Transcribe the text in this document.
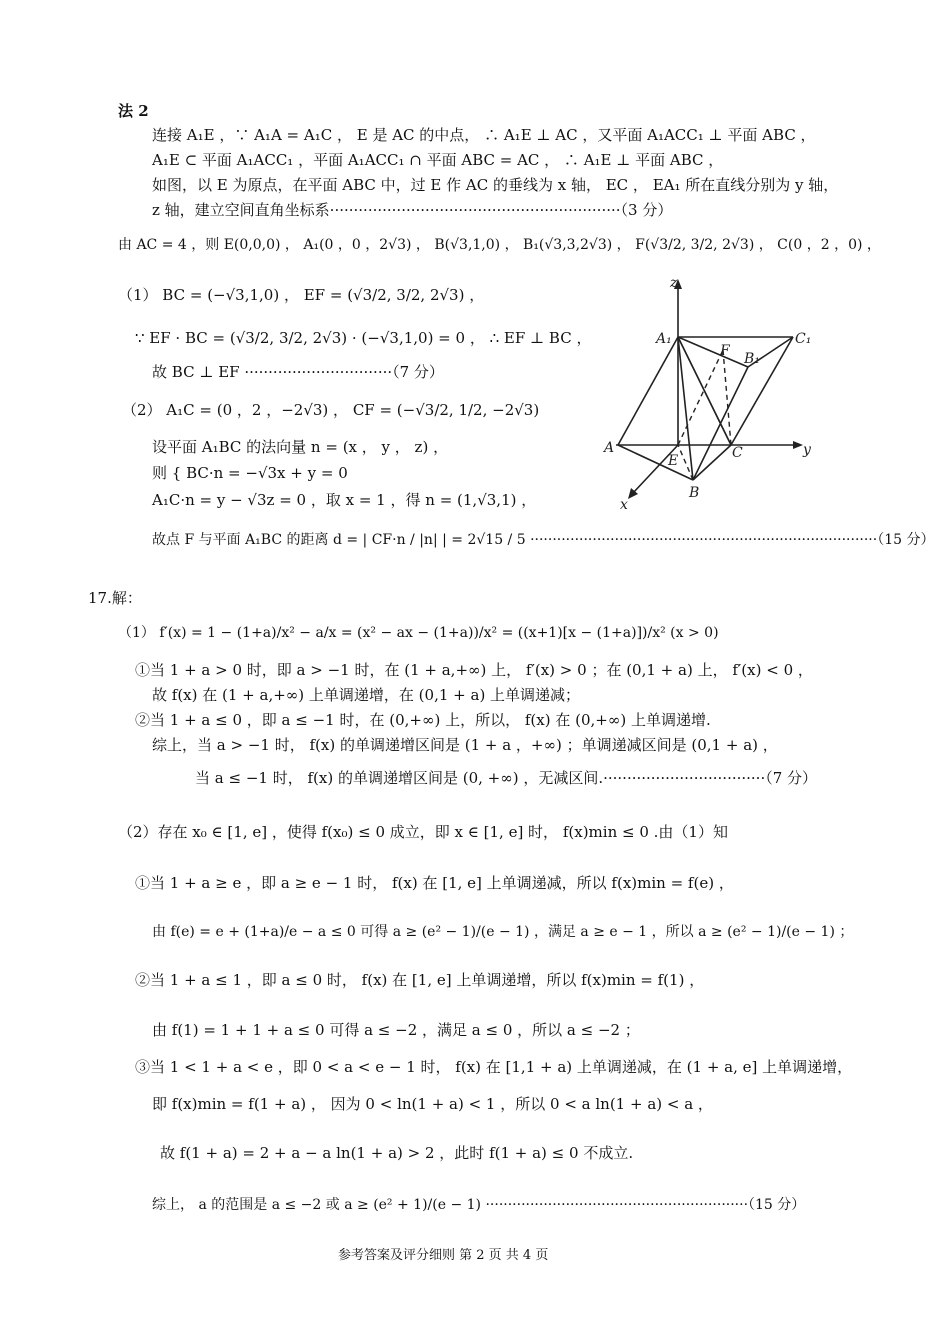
法 2
连接 A₁E ，∵ A₁A = A₁C ， E 是 AC 的中点， ∴ A₁E ⊥ AC ，又平面 A₁ACC₁ ⊥ 平面 ABC ，
A₁E ⊂ 平面 A₁ACC₁ ，平面 A₁ACC₁ ∩ 平面 ABC = AC ， ∴ A₁E ⊥ 平面 ABC ，
如图，以 E 为原点，在平面 ABC 中，过 E 作 AC 的垂线为 x 轴， EC ， EA₁ 所在直线分别为 y 轴，
z 轴，建立空间直角坐标系·····························································（3 分）
由 AC = 4 ，则 E(0,0,0) ， A₁(0 ，0 ，2√3) ， B(√3,1,0) ， B₁(√3,3,2√3) ， F(√3/2, 3/2, 2√3) ， C(0 ，2 ，0) ，
（1） BC = (−√3,1,0) ， EF = (√3/2, 3/2, 2√3) ，
∵ EF · BC = (√3/2, 3/2, 2√3) · (−√3,1,0) = 0 ， ∴ EF ⊥ BC ，
故 BC ⊥ EF ·······························（7 分）
（2） A₁C = (0 ，2 ，−2√3) ， CF = (−√3/2, 1/2, −2√3)
设平面 A₁BC 的法向量 n = (x ， y ， z) ，
则 { BC·n = −√3x + y = 0
A₁C·n = y − √3z = 0 ，取 x = 1 ，得 n = (1,√3,1) ，
故点 F 与平面 A₁BC 的距离 d = | CF·n / |n| | = 2√15 / 5 ··············································································（15 分）
z
y
x
A₁	C₁
F B₁
A
E	C
B
17.解：
（1） f′(x) = 1 − (1+a)/x² − a/x = (x² − ax − (1+a))/x² = ((x+1)[x − (1+a)])/x² (x > 0)
①当 1 + a > 0 时，即 a > −1 时，在 (1 + a,+∞) 上， f′(x) > 0 ；在 (0,1 + a) 上， f′(x) < 0 ，
故 f(x) 在 (1 + a,+∞) 上单调递增，在 (0,1 + a) 上单调递减；
②当 1 + a ≤ 0 ，即 a ≤ −1 时，在 (0,+∞) 上，所以， f(x) 在 (0,+∞) 上单调递增.
综上，当 a > −1 时， f(x) 的单调递增区间是 (1 + a ，+∞) ；单调递减区间是 (0,1 + a) ，
当 a ≤ −1 时， f(x) 的单调递增区间是 (0, +∞) ，无减区间.··································（7 分）
（2）存在 x₀ ∈ [1, e] ，使得 f(x₀) ≤ 0 成立，即 x ∈ [1, e] 时， f(x)min ≤ 0 .由（1）知
①当 1 + a ≥ e ，即 a ≥ e − 1 时， f(x) 在 [1, e] 上单调递减，所以 f(x)min = f(e) ，
由 f(e) = e + (1+a)/e − a ≤ 0 可得 a ≥ (e² − 1)/(e − 1) ，满足 a ≥ e − 1 ，所以 a ≥ (e² − 1)/(e − 1) ；
②当 1 + a ≤ 1 ，即 a ≤ 0 时， f(x) 在 [1, e] 上单调递增，所以 f(x)min = f(1) ，
由 f(1) = 1 + 1 + a ≤ 0 可得 a ≤ −2 ，满足 a ≤ 0 ，所以 a ≤ −2 ；
③当 1 < 1 + a < e ，即 0 < a < e − 1 时， f(x) 在 [1,1 + a) 上单调递减，在 (1 + a, e] 上单调递增，
即 f(x)min = f(1 + a) ， 因为 0 < ln(1 + a) < 1 ，所以 0 < a ln(1 + a) < a ，
故 f(1 + a) = 2 + a − a ln(1 + a) > 2 ，此时 f(1 + a) ≤ 0 不成立.
综上， a 的范围是 a ≤ −2 或 a ≥ (e² + 1)/(e − 1) ···························································（15 分）
参考答案及评分细则 第 2 页 共 4 页
